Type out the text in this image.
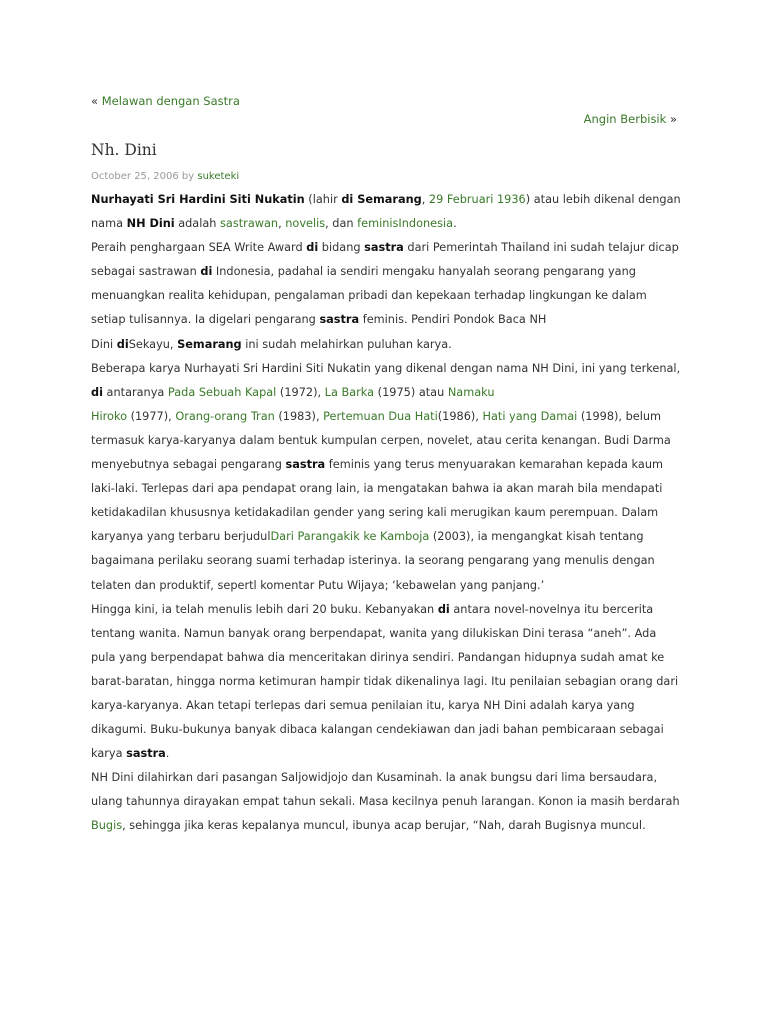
« Melawan dengan Sastra
Angin Berbisik »
Nh. Dini
October 25, 2006 by suketeki

Nurhayati Sri Hardini Siti Nukatin (lahir di Semarang, 29 Februari 1936) atau lebih dikenal dengan nama NH Dini adalah sastrawan, novelis, dan feminisIndonesia.

Peraih penghargaan SEA Write Award di bidang sastra dari Pemerintah Thailand ini sudah telajur dicap sebagai sastrawan di Indonesia, padahal ia sendiri mengaku hanyalah seorang pengarang yang menuangkan realita kehidupan, pengalaman pribadi dan kepekaan terhadap lingkungan ke dalam setiap tulisannya. Ia digelari pengarang sastra feminis. Pendiri Pondok Baca NH
Dini diSekayu, Semarang ini sudah melahirkan puluhan karya.

Beberapa karya Nurhayati Sri Hardini Siti Nukatin yang dikenal dengan nama NH Dini, ini yang terkenal, di antaranya Pada Sebuah Kapal (1972), La Barka (1975) atau Namaku
Hiroko (1977), Orang-orang Tran (1983), Pertemuan Dua Hati(1986), Hati yang Damai (1998), belum termasuk karya-karyanya dalam bentuk kumpulan cerpen, novelet, atau cerita kenangan. Budi Darma menyebutnya sebagai pengarang sastra feminis yang terus menyuarakan kemarahan kepada kaum laki-laki. Terlepas dari apa pendapat orang lain, ia mengatakan bahwa ia akan marah bila mendapati ketidakadilan khususnya ketidakadilan gender yang sering kali merugikan kaum perempuan. Dalam karyanya yang terbaru berjudulDari Parangakik ke Kamboja (2003), ia mengangkat kisah tentang bagaimana perilaku seorang suami terhadap isterinya. Ia seorang pengarang yang menulis dengan telaten dan produktif, sepertl komentar Putu Wijaya; ‘kebawelan yang panjang.’

Hingga kini, ia telah menulis lebih dari 20 buku. Kebanyakan di antara novel-novelnya itu bercerita tentang wanita. Namun banyak orang berpendapat, wanita yang dilukiskan Dini terasa “aneh”. Ada pula yang berpendapat bahwa dia menceritakan dirinya sendiri. Pandangan hidupnya sudah amat ke barat-baratan, hingga norma ketimuran hampir tidak dikenalinya lagi. Itu penilaian sebagian orang dari karya-karyanya. Akan tetapi terlepas dari semua penilaian itu, karya NH Dini adalah karya yang dikagumi. Buku-bukunya banyak dibaca kalangan cendekiawan dan jadi bahan pembicaraan sebagai karya sastra.

NH Dini dilahirkan dari pasangan Saljowidjojo dan Kusaminah. la anak bungsu dari lima bersaudara, ulang tahunnya dirayakan empat tahun sekali. Masa kecilnya penuh larangan. Konon ia masih berdarah Bugis, sehingga jika keras kepalanya muncul, ibunya acap berujar, “Nah, darah Bugisnya muncul.
